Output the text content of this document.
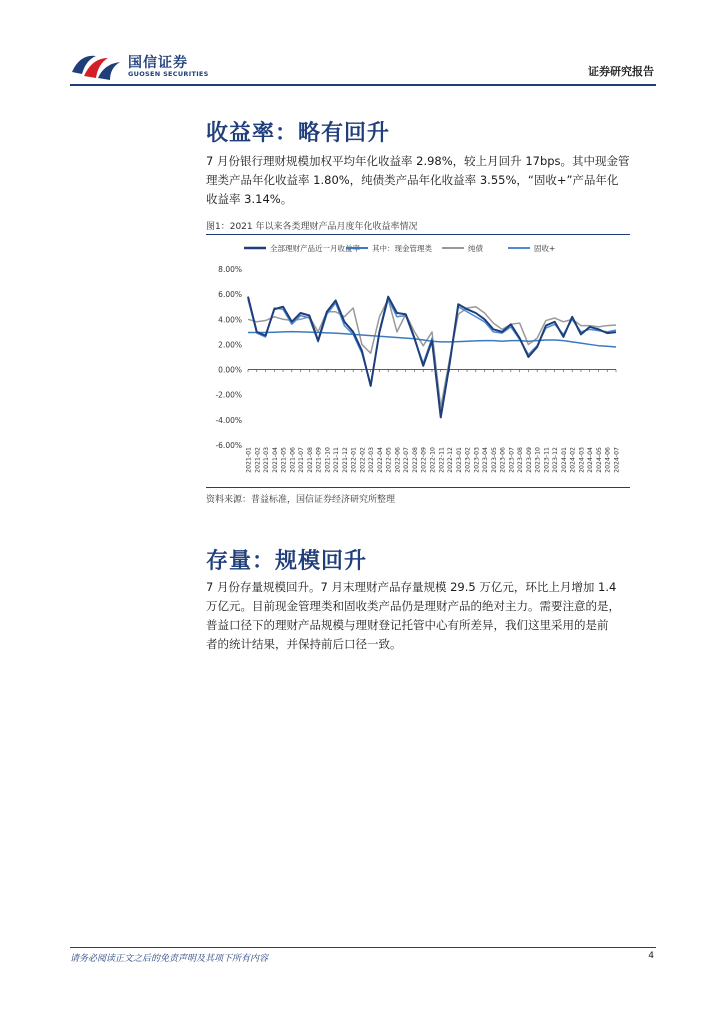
国信证券
GUOSEN SECURITIES	证券研究报告
收益率：略有回升
7 月份银行理财规模加权平均年化收益率 2.98%，较上月回升 17bps。其中现金管
理类产品年化收益率 1.80%，纯债类产品年化收益率 3.55%，“固收+”产品年化
收益率 3.14%。
图1：2021 年以来各类理财产品月度年化收益率情况
全部理财产品近一月收益率 其中：现金管理类	纯债	固收+
8.00%
6.00%
4.00%
2.00%
0.00%
-2.00%
-4.00%
-6.00%
2021-01 2021-02 2021-03 2021-04 2021-05 2021-06 2021-07 2021-08 2021-09 2021-10 2021-11 2021-12 2022-01 2022-02 2022-03 2022-04 2022-05 2022-06 2022-07 2022-08 2022-09 2022-10 2022-11 2022-12 2023-01 2023-02 2023-03 2023-04 2023-05 2023-06 2023-07 2023-08 2023-09 2023-10 2023-11 2023-12 2024-01 2024-02 2024-03 2024-04 2024-05 2024-06 2024-07
资料来源：普益标准，国信证券经济研究所整理
存量：规模回升
7 月份存量规模回升。7 月末理财产品存量规模 29.5 万亿元，环比上月增加 1.4
万亿元。目前现金管理类和固收类产品仍是理财产品的绝对主力。需要注意的是，
普益口径下的理财产品规模与理财登记托管中心有所差异，我们这里采用的是前
者的统计结果，并保持前后口径一致。
请务必阅读正文之后的免责声明及其项下所有内容	4
